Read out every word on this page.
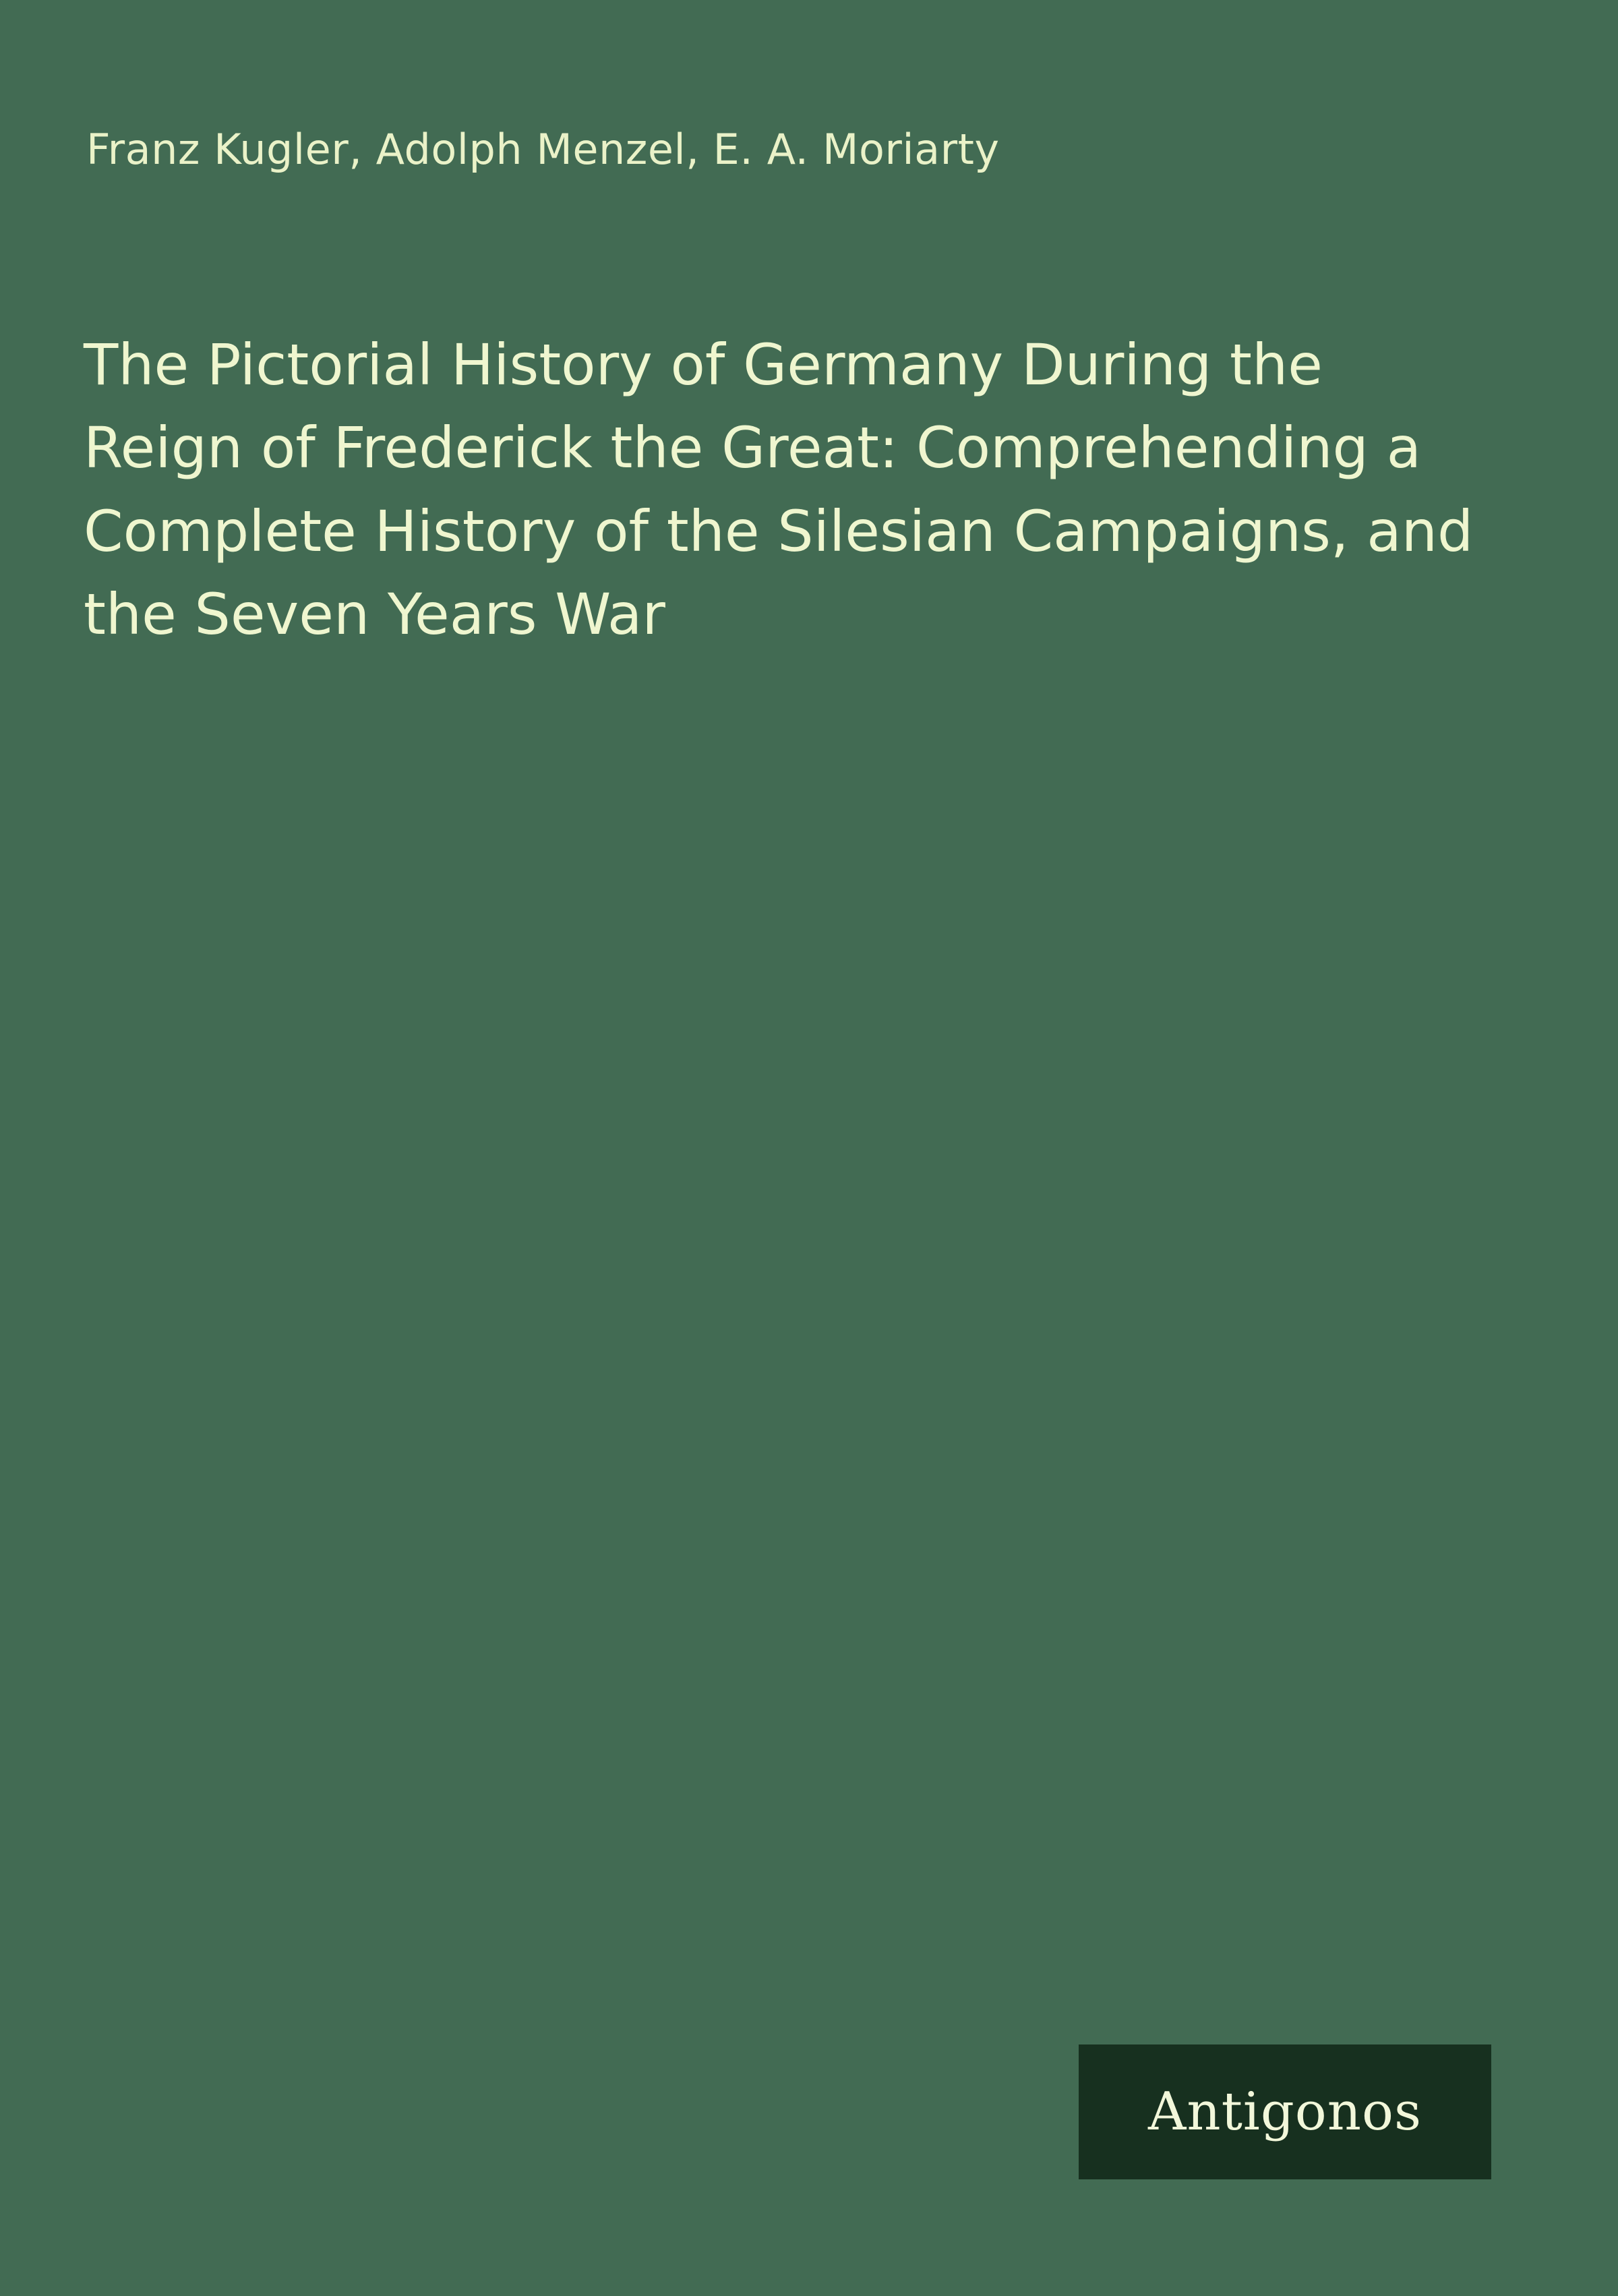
Franz Kugler, Adolph Menzel, E. A. Moriarty
The Pictorial History of Germany During the Reign of Frederick the Great: Comprehending a Complete History of the Silesian Campaigns, and the Seven Years War
Antigonos
